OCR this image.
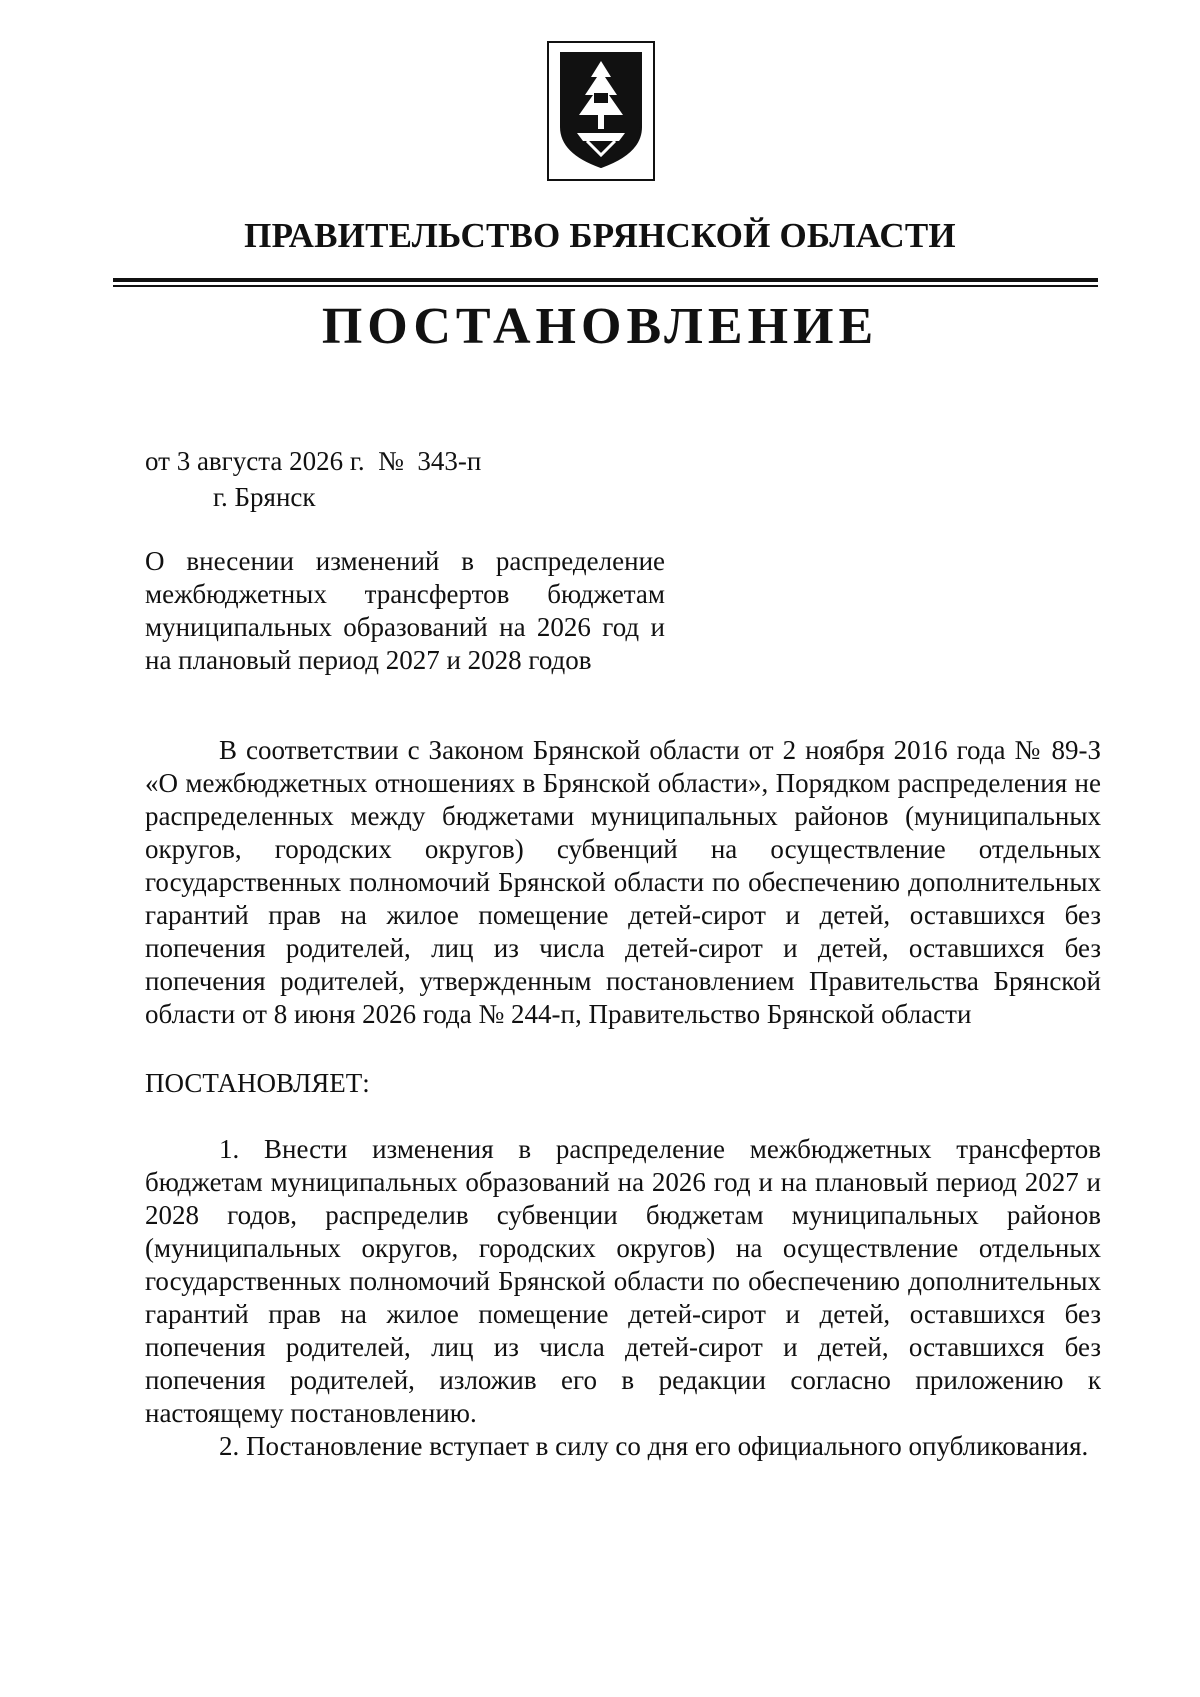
ПРАВИТЕЛЬСТВО БРЯНСКОЙ ОБЛАСТИ
ПОСТАНОВЛЕНИЕ
от 3 августа 2026 г.  №  343-п
г. Брянск
О внесении изменений в распределение межбюджетных трансфертов бюджетам муниципальных образований на 2026 год и на плановый период 2027 и 2028 годов

В соответствии с Законом Брянской области от 2 ноября 2016 года № 89-З «О межбюджетных отношениях в Брянской области», Порядком распределения не распределенных между бюджетами муниципальных районов (муниципальных округов, городских округов) субвенций на осуществление отдельных государственных полномочий Брянской области по обеспечению дополнительных гарантий прав на жилое помещение детей-сирот и детей, оставшихся без попечения родителей, лиц из числа детей-сирот и детей, оставшихся без попечения родителей, утвержденным постановлением Правительства Брянской области от 8 июня 2026 года № 244-п, Правительство Брянской области

ПОСТАНОВЛЯЕТ:

1. Внести изменения в распределение межбюджетных трансфертов бюджетам муниципальных образований на 2026 год и на плановый период 2027 и 2028 годов, распределив субвенции бюджетам муниципальных районов (муниципальных округов, городских округов) на осуществление отдельных государственных полномочий Брянской области по обеспечению дополнительных гарантий прав на жилое помещение детей-сирот и детей, оставшихся без попечения родителей, лиц из числа детей-сирот и детей, оставшихся без попечения родителей, изложив его в редакции согласно приложению к настоящему постановлению.

2. Постановление вступает в силу со дня его официального опубликования.
